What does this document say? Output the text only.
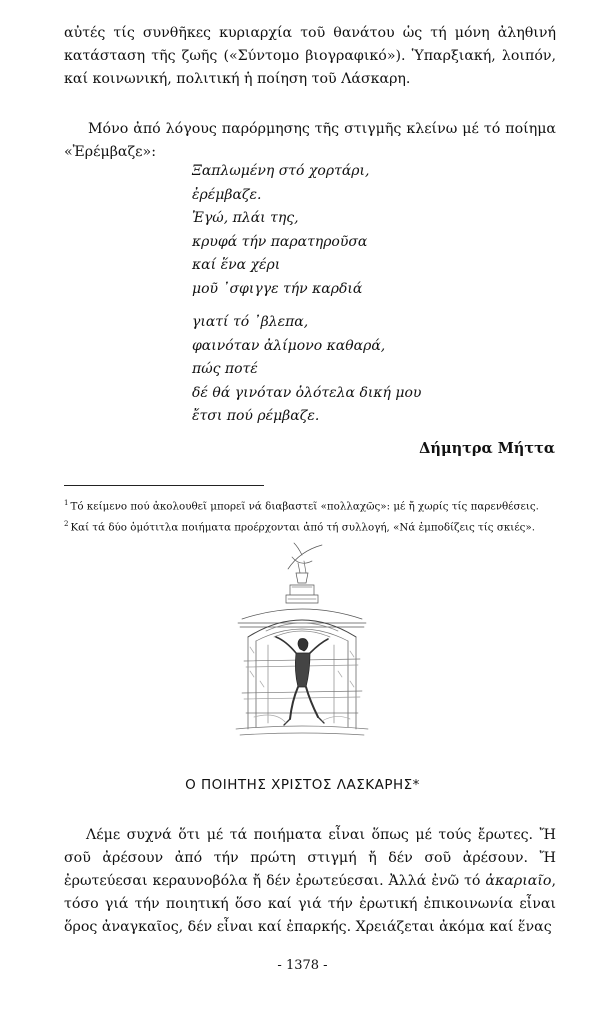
αὐτές τίς συνθῆκες κυριαρχία τοῦ θανάτου ὡς τή μόνη ἀληθινή κατάσταση τῆς ζωῆς («Σύντομο βιογραφικό»). Ὑπαρξιακή, λοιπόν, καί κοινωνική, πολιτική ἡ ποίηση τοῦ Λάσκαρη.

Μόνο ἀπό λόγους παρόρμησης τῆς στιγμῆς κλείνω μέ τό ποίημα «Ἐρέμβαζε»:

Ξαπλωμένη στό χορτάρι,
ἐρέμβαζε.
Ἐγώ, πλάι της,
κρυφά τήν παρατηροῦσα
καί ἕνα χέρι
μοῦ ᾿σφιγγε τήν καρδιά
γιατί τό ᾿βλεπα,
φαινόταν ἀλίμονο καθαρά,
πώς ποτέ
δέ θά γινόταν ὁλότελα δική μου
ἔτσι πού ρέμβαζε.
Δήμητρα Μήττα
$^1$ Τό κείμενο πού ἀκολουθεῖ μπορεῖ νά διαβαστεῖ «πολλαχῶς»: μέ ἤ χωρίς τίς παρενθέσεις.
$^2$ Καί τά δύο ὁμότιτλα ποιήματα προέρχονται ἀπό τή συλλογή, «Νά ἐμποδίζεις τίς σκιές».
Ο ΠΟΙΗΤΗΣ ΧΡΙΣΤΟΣ ΛΑΣΚΑΡΗΣ*

Λέμε συχνά ὅτι μέ τά ποιήματα εἶναι ὅπως μέ τούς ἔρωτες. Ἤ σοῦ ἀρέσουν ἀπό τήν πρώτη στιγμή ἤ δέν σοῦ ἀρέσουν. Ἤ ἐρωτεύεσαι κεραυνοβόλα ἤ δέν ἐρωτεύεσαι. Ἀλλά ἐνῶ τό ἀκαριαῖο, τόσο γιά τήν ποιητική ὅσο καί γιά τήν ἐρωτική ἐπικοινωνία εἶναι ὅρος ἀναγκαῖος, δέν εἶναι καί ἐπαρκής. Χρειάζεται ἀκόμα καί ἕνας

- 1378 -
